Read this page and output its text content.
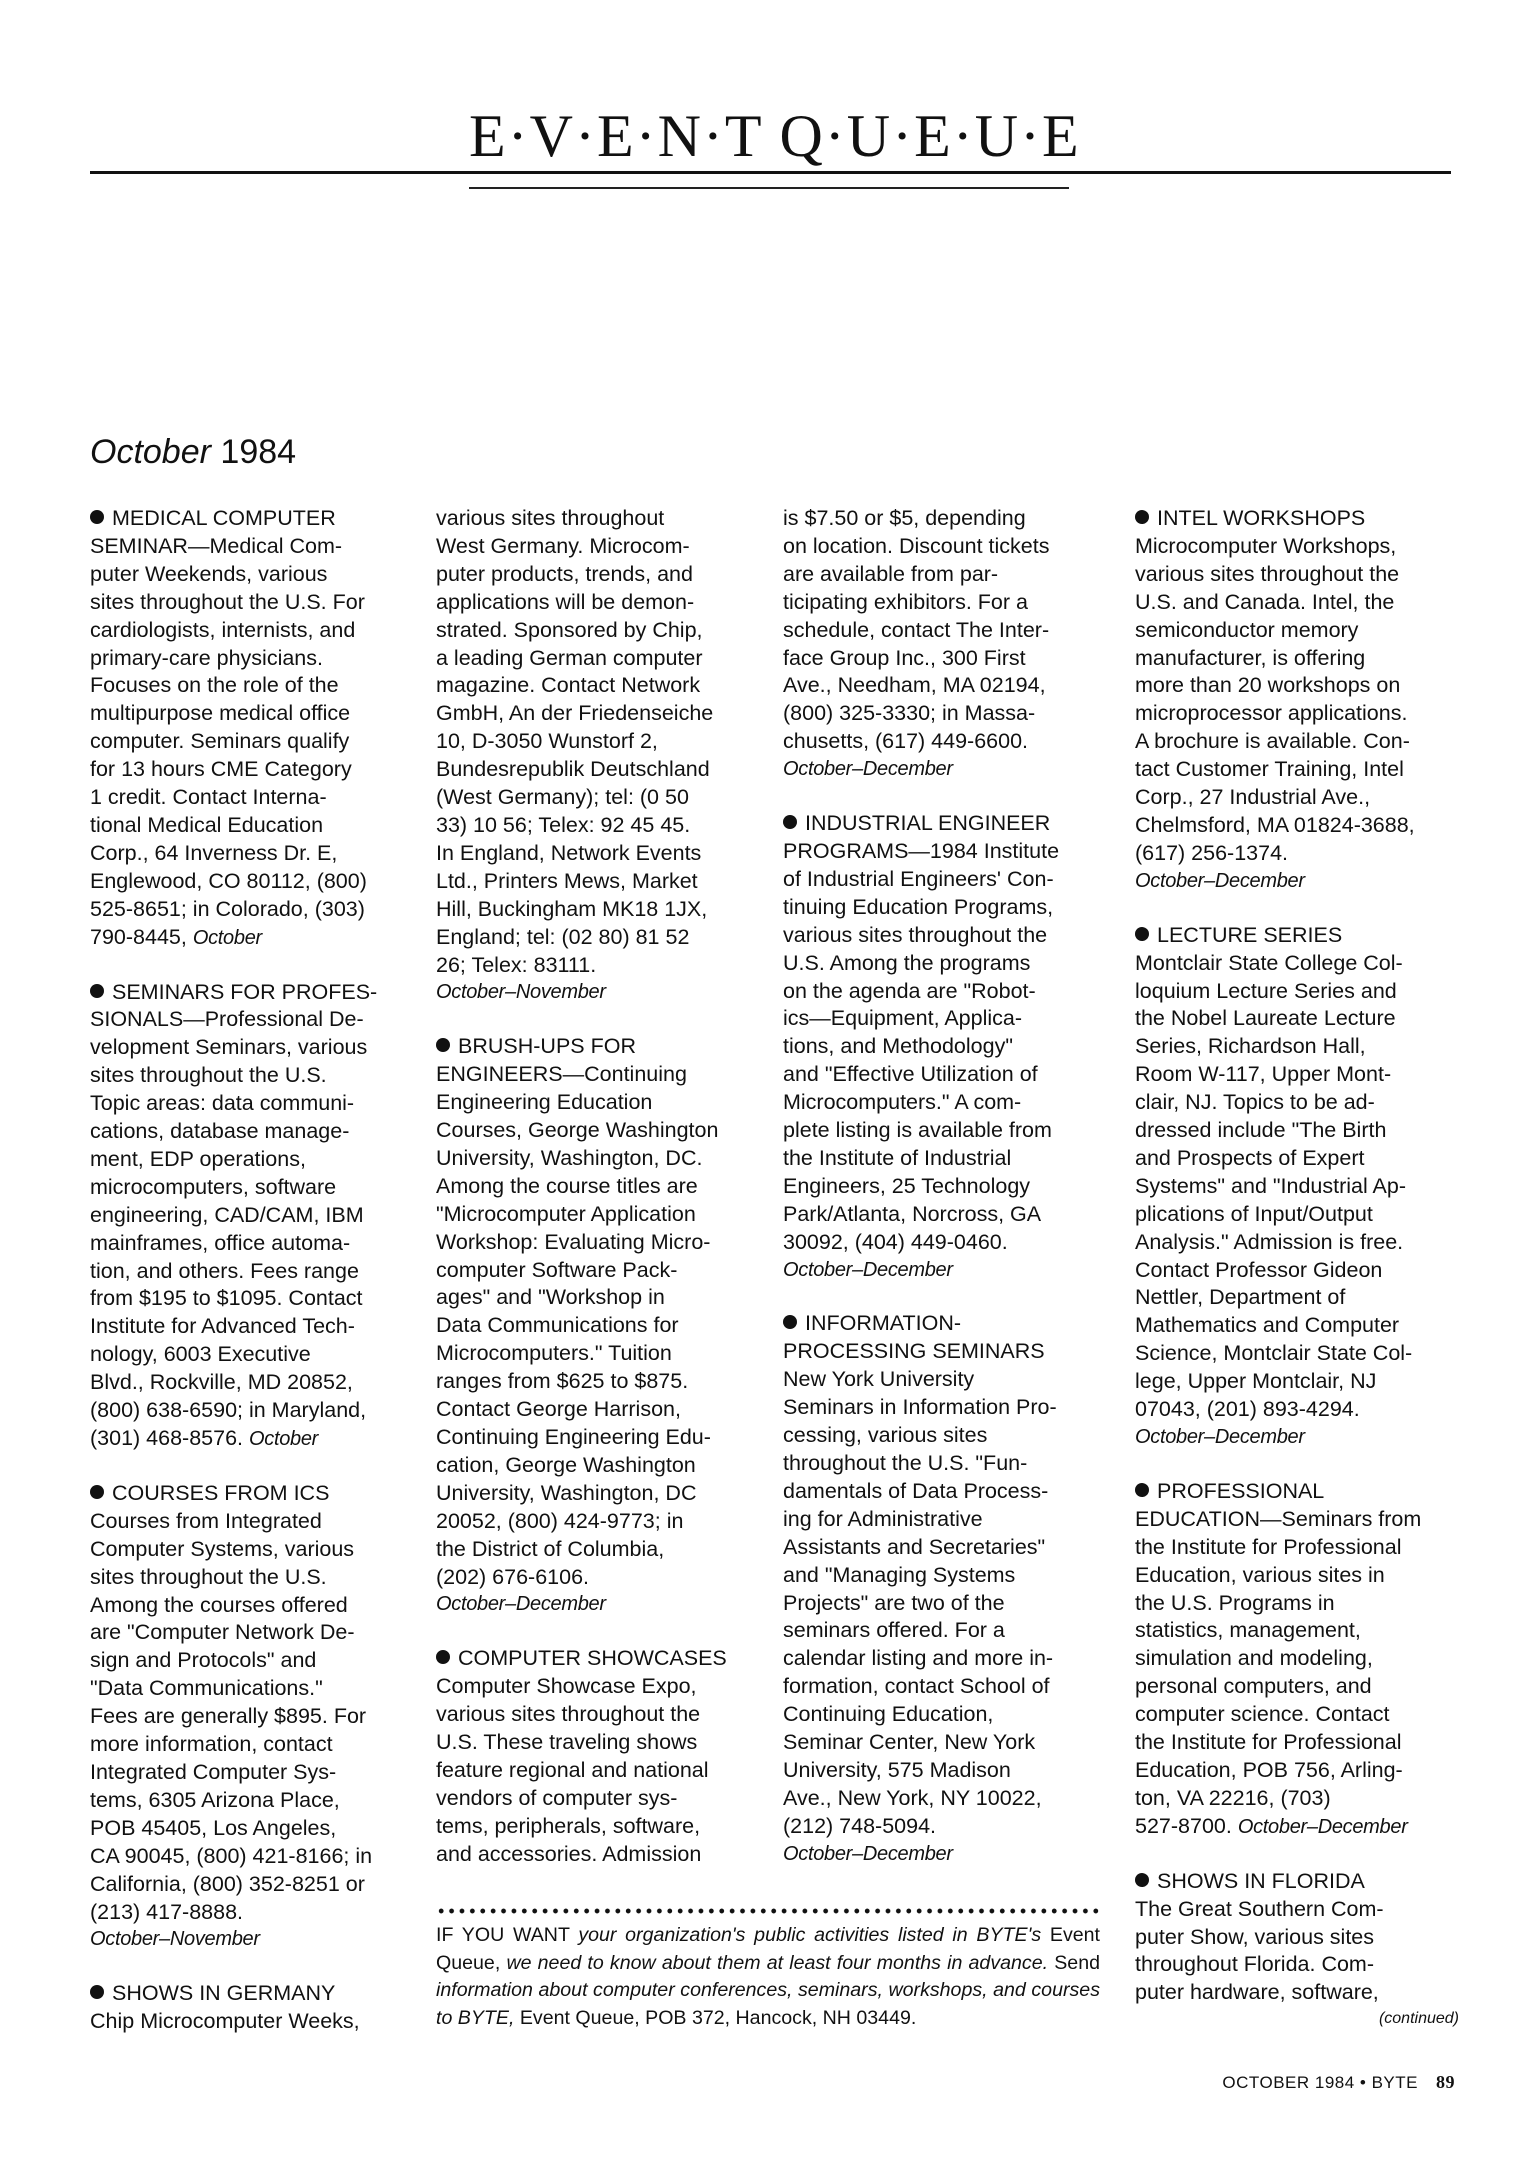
E·V·E·N·T Q·U·E·U·E
October 1984
MEDICAL COMPUTER
SEMINAR—Medical Com-
puter Weekends, various
sites throughout the U.S. For
cardiologists, internists, and
primary-care physicians.
Focuses on the role of the
multipurpose medical office
computer. Seminars qualify
for 13 hours CME Category
1 credit. Contact Interna-
tional Medical Education
Corp., 64 Inverness Dr. E,
Englewood, CO 80112, (800)
525-8651; in Colorado, (303)
790-8445, October
SEMINARS FOR PROFES-
SIONALS—Professional De-
velopment Seminars, various
sites throughout the U.S.
Topic areas: data communi-
cations, database manage-
ment, EDP operations,
microcomputers, software
engineering, CAD/CAM, IBM
mainframes, office automa-
tion, and others. Fees range
from $195 to $1095. Contact
Institute for Advanced Tech-
nology, 6003 Executive
Blvd., Rockville, MD 20852,
(800) 638-6590; in Maryland,
(301) 468-8576. October
COURSES FROM ICS
Courses from Integrated
Computer Systems, various
sites throughout the U.S.
Among the courses offered
are "Computer Network De-
sign and Protocols" and
"Data Communications."
Fees are generally $895. For
more information, contact
Integrated Computer Sys-
tems, 6305 Arizona Place,
POB 45405, Los Angeles,
CA 90045, (800) 421-8166; in
California, (800) 352-8251 or
(213) 417-8888.
October–November
SHOWS IN GERMANY
Chip Microcomputer Weeks,
various sites throughout
West Germany. Microcom-
puter products, trends, and
applications will be demon-
strated. Sponsored by Chip,
a leading German computer
magazine. Contact Network
GmbH, An der Friedenseiche
10, D-3050 Wunstorf 2,
Bundesrepublik Deutschland
(West Germany); tel: (0 50
33) 10 56; Telex: 92 45 45.
In England, Network Events
Ltd., Printers Mews, Market
Hill, Buckingham MK18 1JX,
England; tel: (02 80) 81 52
26; Telex: 83111.
October–November
BRUSH-UPS FOR
ENGINEERS—Continuing
Engineering Education
Courses, George Washington
University, Washington, DC.
Among the course titles are
"Microcomputer Application
Workshop: Evaluating Micro-
computer Software Pack-
ages" and "Workshop in
Data Communications for
Microcomputers." Tuition
ranges from $625 to $875.
Contact George Harrison,
Continuing Engineering Edu-
cation, George Washington
University, Washington, DC
20052, (800) 424-9773; in
the District of Columbia,
(202) 676-6106.
October–December
COMPUTER SHOWCASES
Computer Showcase Expo,
various sites throughout the
U.S. These traveling shows
feature regional and national
vendors of computer sys-
tems, peripherals, software,
and accessories. Admission
is $7.50 or $5, depending
on location. Discount tickets
are available from par-
ticipating exhibitors. For a
schedule, contact The Inter-
face Group Inc., 300 First
Ave., Needham, MA 02194,
(800) 325-3330; in Massa-
chusetts, (617) 449-6600.
October–December
INDUSTRIAL ENGINEER
PROGRAMS—1984 Institute
of Industrial Engineers' Con-
tinuing Education Programs,
various sites throughout the
U.S. Among the programs
on the agenda are "Robot-
ics—Equipment, Applica-
tions, and Methodology"
and "Effective Utilization of
Microcomputers." A com-
plete listing is available from
the Institute of Industrial
Engineers, 25 Technology
Park/Atlanta, Norcross, GA
30092, (404) 449-0460.
October–December
INFORMATION-
PROCESSING SEMINARS
New York University
Seminars in Information Pro-
cessing, various sites
throughout the U.S. "Fun-
damentals of Data Process-
ing for Administrative
Assistants and Secretaries"
and "Managing Systems
Projects" are two of the
seminars offered. For a
calendar listing and more in-
formation, contact School of
Continuing Education,
Seminar Center, New York
University, 575 Madison
Ave., New York, NY 10022,
(212) 748-5094.
October–December
INTEL WORKSHOPS
Microcomputer Workshops,
various sites throughout the
U.S. and Canada. Intel, the
semiconductor memory
manufacturer, is offering
more than 20 workshops on
microprocessor applications.
A brochure is available. Con-
tact Customer Training, Intel
Corp., 27 Industrial Ave.,
Chelmsford, MA 01824-3688,
(617) 256-1374.
October–December
LECTURE SERIES
Montclair State College Col-
loquium Lecture Series and
the Nobel Laureate Lecture
Series, Richardson Hall,
Room W-117, Upper Mont-
clair, NJ. Topics to be ad-
dressed include "The Birth
and Prospects of Expert
Systems" and "Industrial Ap-
plications of Input/Output
Analysis." Admission is free.
Contact Professor Gideon
Nettler, Department of
Mathematics and Computer
Science, Montclair State Col-
lege, Upper Montclair, NJ
07043, (201) 893-4294.
October–December
PROFESSIONAL
EDUCATION—Seminars from
the Institute for Professional
Education, various sites in
the U.S. Programs in
statistics, management,
simulation and modeling,
personal computers, and
computer science. Contact
the Institute for Professional
Education, POB 756, Arling-
ton, VA 22216, (703)
527-8700. October–December
SHOWS IN FLORIDA
The Great Southern Com-
puter Show, various sites
throughout Florida. Com-
puter hardware, software,
(continued)
IF YOU WANT your organization's public activities listed in BYTE's Event Queue, we need to know about them at least four months in advance. Send information about computer conferences, seminars, workshops, and courses to BYTE, Event Queue, POB 372, Hancock, NH 03449.
OCTOBER 1984 • BYTE 89
